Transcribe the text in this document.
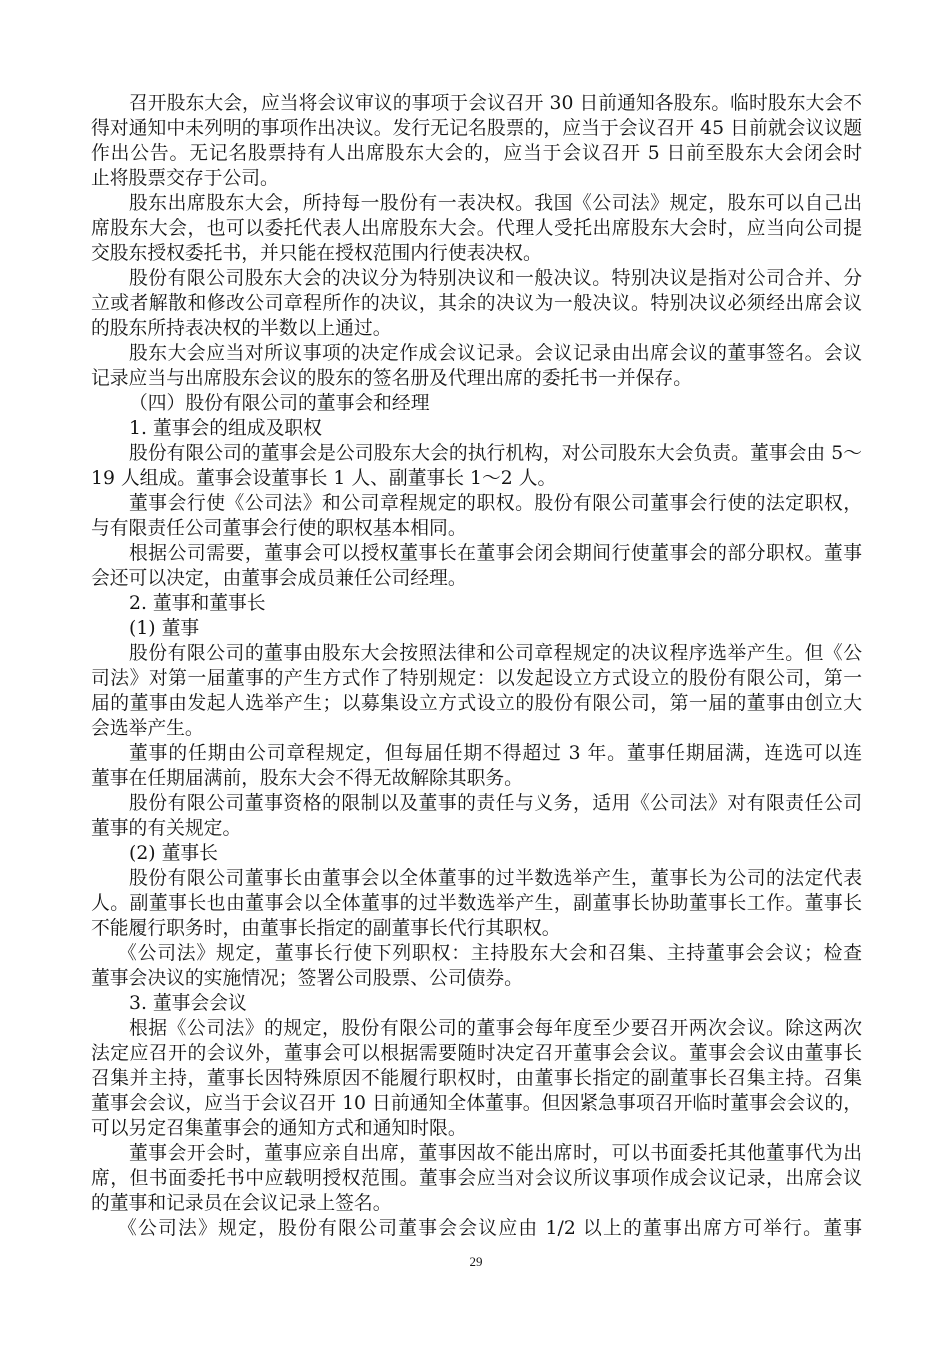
召开股东大会，应当将会议审议的事项于会议召开 30 日前通知各股东。临时股东大会不
得对通知中未列明的事项作出决议。发行无记名股票的，应当于会议召开 45 日前就会议议题
作出公告。无记名股票持有人出席股东大会的，应当于会议召开 5 日前至股东大会闭会时
止将股票交存于公司。
股东出席股东大会，所持每一股份有一表决权。我国《公司法》规定，股东可以自己出
席股东大会，也可以委托代表人出席股东大会。代理人受托出席股东大会时，应当向公司提
交股东授权委托书，并只能在授权范围内行使表决权。
股份有限公司股东大会的决议分为特别决议和一般决议。特别决议是指对公司合并、分
立或者解散和修改公司章程所作的决议，其余的决议为一般决议。特别决议必须经出席会议
的股东所持表决权的半数以上通过。
股东大会应当对所议事项的决定作成会议记录。会议记录由出席会议的董事签名。会议
记录应当与出席股东会议的股东的签名册及代理出席的委托书一并保存。
（四）股份有限公司的董事会和经理
1. 董事会的组成及职权
股份有限公司的董事会是公司股东大会的执行机构，对公司股东大会负责。董事会由 5～
19 人组成。董事会设董事长 1 人、副董事长 1～2 人。
董事会行使《公司法》和公司章程规定的职权。股份有限公司董事会行使的法定职权，
与有限责任公司董事会行使的职权基本相同。
根据公司需要，董事会可以授权董事长在董事会闭会期间行使董事会的部分职权。董事
会还可以决定，由董事会成员兼任公司经理。
2. 董事和董事长
(1) 董事
股份有限公司的董事由股东大会按照法律和公司章程规定的决议程序选举产生。但《公
司法》对第一届董事的产生方式作了特别规定：以发起设立方式设立的股份有限公司，第一
届的董事由发起人选举产生；以募集设立方式设立的股份有限公司，第一届的董事由创立大
会选举产生。
董事的任期由公司章程规定，但每届任期不得超过 3 年。董事任期届满，连选可以连
董事在任期届满前，股东大会不得无故解除其职务。
股份有限公司董事资格的限制以及董事的责任与义务，适用《公司法》对有限责任公司
董事的有关规定。
(2) 董事长
股份有限公司董事长由董事会以全体董事的过半数选举产生，董事长为公司的法定代表
人。副董事长也由董事会以全体董事的过半数选举产生，副董事长协助董事长工作。董事长
不能履行职务时，由董事长指定的副董事长代行其职权。
《公司法》规定，董事长行使下列职权：主持股东大会和召集、主持董事会会议；检查
董事会决议的实施情况；签署公司股票、公司债券。
3. 董事会会议
根据《公司法》的规定，股份有限公司的董事会每年度至少要召开两次会议。除这两次
法定应召开的会议外，董事会可以根据需要随时决定召开董事会会议。董事会会议由董事长
召集并主持，董事长因特殊原因不能履行职权时，由董事长指定的副董事长召集主持。召集
董事会会议，应当于会议召开 10 日前通知全体董事。但因紧急事项召开临时董事会会议的，
可以另定召集董事会的通知方式和通知时限。
董事会开会时，董事应亲自出席，董事因故不能出席时，可以书面委托其他董事代为出
席，但书面委托书中应载明授权范围。董事会应当对会议所议事项作成会议记录，出席会议
的董事和记录员在会议记录上签名。
《公司法》规定，股份有限公司董事会会议应由 1/2 以上的董事出席方可举行。董事
29
